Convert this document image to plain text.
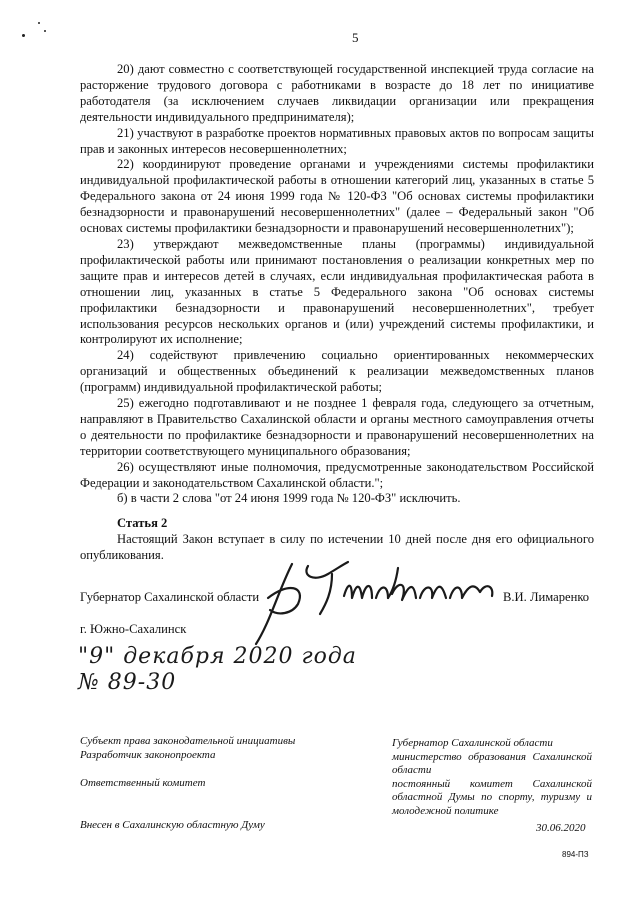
5

20) дают совместно с соответствующей государственной инспекцией труда согласие на расторжение трудового договора с работниками в возрасте до 18 лет по инициативе работодателя (за исключением случаев ликвидации организации или прекращения деятельности индивидуального предпринимателя);

21) участвуют в разработке проектов нормативных правовых актов по вопросам защиты прав и законных интересов несовершеннолетних;

22) координируют проведение органами и учреждениями системы профилактики индивидуальной профилактической работы в отношении категорий лиц, указанных в статье 5 Федерального закона от 24 июня 1999 года № 120-ФЗ "Об основах системы профилактики безнадзорности и правонарушений несовершеннолетних" (далее – Федеральный закон "Об основах системы профилактики безнадзорности и правонарушений несовершеннолетних");

23) утверждают межведомственные планы (программы) индивидуальной профилактической работы или принимают постановления о реализации конкретных мер по защите прав и интересов детей в случаях, если индивидуальная профилактическая работа в отношении лиц, указанных в статье 5 Федерального закона "Об основах системы профилактики безнадзорности и правонарушений несовершеннолетних", требует использования ресурсов нескольких органов и (или) учреждений системы профилактики, и контролируют их исполнение;

24) содействуют привлечению социально ориентированных некоммерческих организаций и общественных объединений к реализации межведомственных планов (программ) индивидуальной профилактической работы;

25) ежегодно подготавливают и не позднее 1 февраля года, следующего за отчетным, направляют в Правительство Сахалинской области и органы местного самоуправления отчеты о деятельности по профилактике безнадзорности и правонарушений несовершеннолетних на территории соответствующего муниципального образования;

26) осуществляют иные полномочия, предусмотренные законодательством Российской Федерации и законодательством Сахалинской области.";

б) в части 2 слова "от 24 июня 1999 года № 120-ФЗ" исключить.

Статья 2

Настоящий Закон вступает в силу по истечении 10 дней после дня его официального опубликования.

Губернатор Сахалинской области	В.И. Лимаренко
г. Южно-Сахалинск
"9" декабря 2020 года
№ 89-30
Субъект права законодательной инициативы
Разработчик законопроекта
Ответственный комитет
Внесен в Сахалинскую областную Думу
Губернатор Сахалинской области
министерство образования Сахалинской области
постоянный комитет Сахалинской областной Думы по спорту, туризму и молодежной политике
30.06.2020
894-ПЗ
